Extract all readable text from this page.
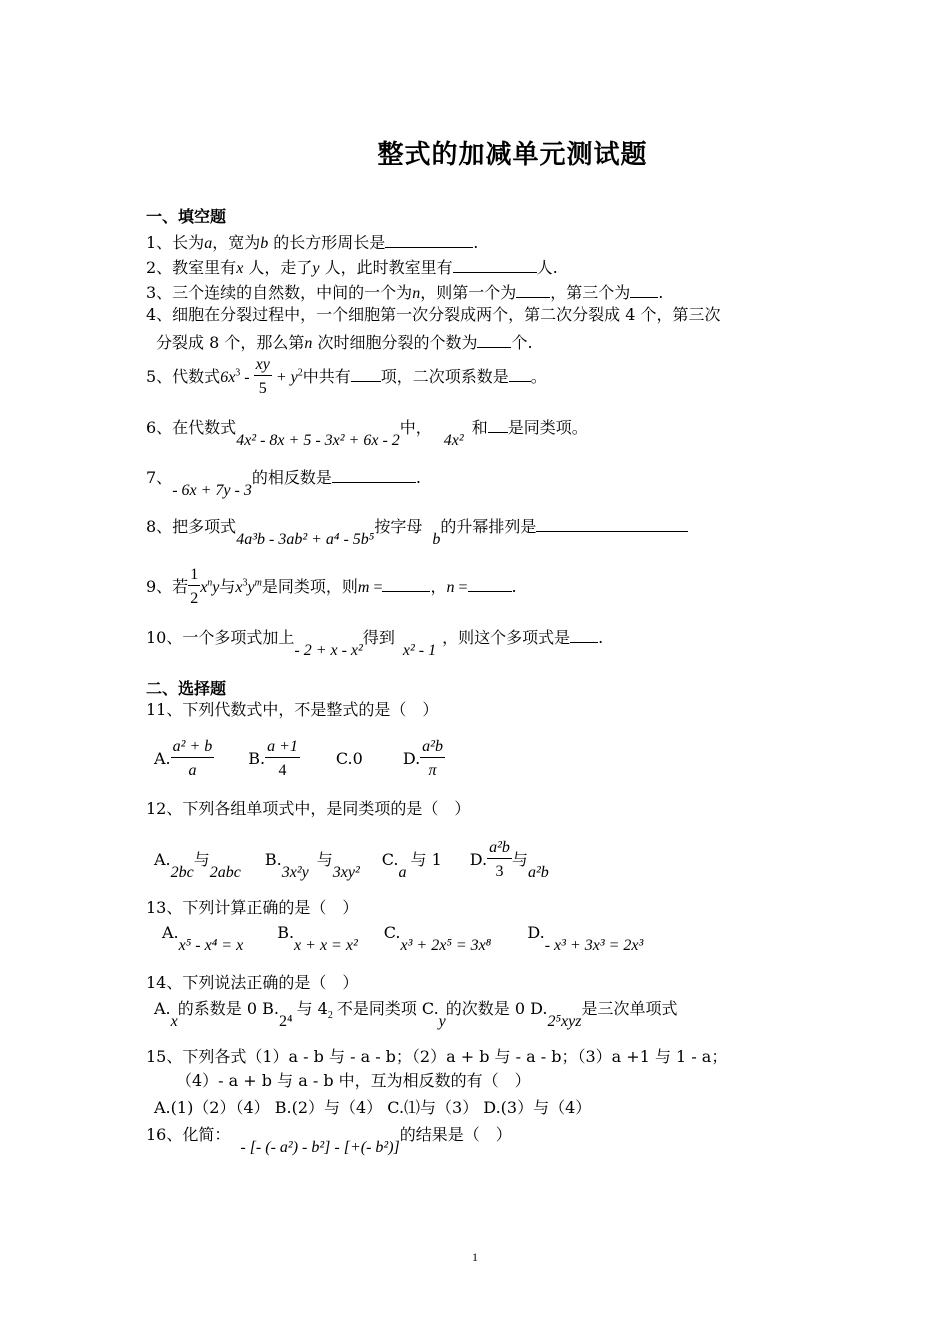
整式的加减单元测试题
一、填空题
1、长为a，宽为b 的长方形周长是	.
2、教室里有x 人，走了y 人，此时教室里有	人.
3、三个连续的自然数，中间的一个为n，则第一个为 ，第三个为 .
4、细胞在分裂过程中，一个细胞第一次分裂成两个，第二次分裂成 4 个，第三次
分裂成 8 个，那么第n 次时细胞分裂的个数为 个.
5、代数式$6x^3 - \frac{xy}{5} + y^2$中共有 项，二次项系数是 。
6、在代数式4x² - 8x + 5 - 3x² + 6x - 2中，4x²和 是同类项。
7、- 6x + 7y - 3的相反数是	.
8、把多项式4a³b - 3ab² + a⁴ - 5b⁵按字母b的升幂排列是
9、若 $\frac{1}{2} x^ny$与$x^3y^m$是同类项，则m =	，n =	.
10、一个多项式加上- 2 + x - x²得到x² - 1，则这个多项式是 .
二、选择题
11、下列代数式中，不是整式的是（　）
A. $\frac{\text{a² + b}}{a} B$. $\frac{a +1}{4} C.0$	D. $\frac{\text{a²b}}{\pi}$
12、下列各组单项式中，是同类项的是（　）
A.2bc与2abcB.3x²y与3xy²C.a与 1 D. $\frac{\text{a²b}}{3}$ 与a²b
13、下列计算正确的是（　）
A.x⁵ - x⁴ = xB.x + x = x²C.x³ + 2x⁵ = 3x⁸D.- x³ + 3x³ = 2x³
14、下列说法正确的是（　）
A.x的系数是 0 B.2⁴与 $4_2$ 不是同类项 C.y的次数是 0 D.2⁵xyz是三次单项式
15、下列各式（1）a - b 与 - a - b；（2）a + b 与 - a - b；（3）a +1 与 1 - a；
（4）- a + b 与 a - b 中，互为相反数的有（　）
A.(1)（2）（4） B.(2）与（4） C.⑴与（3） D.(3）与（4）
16、化简：- [- (- a²) - b²] - [+(- b²)]的结果是（　）
1
